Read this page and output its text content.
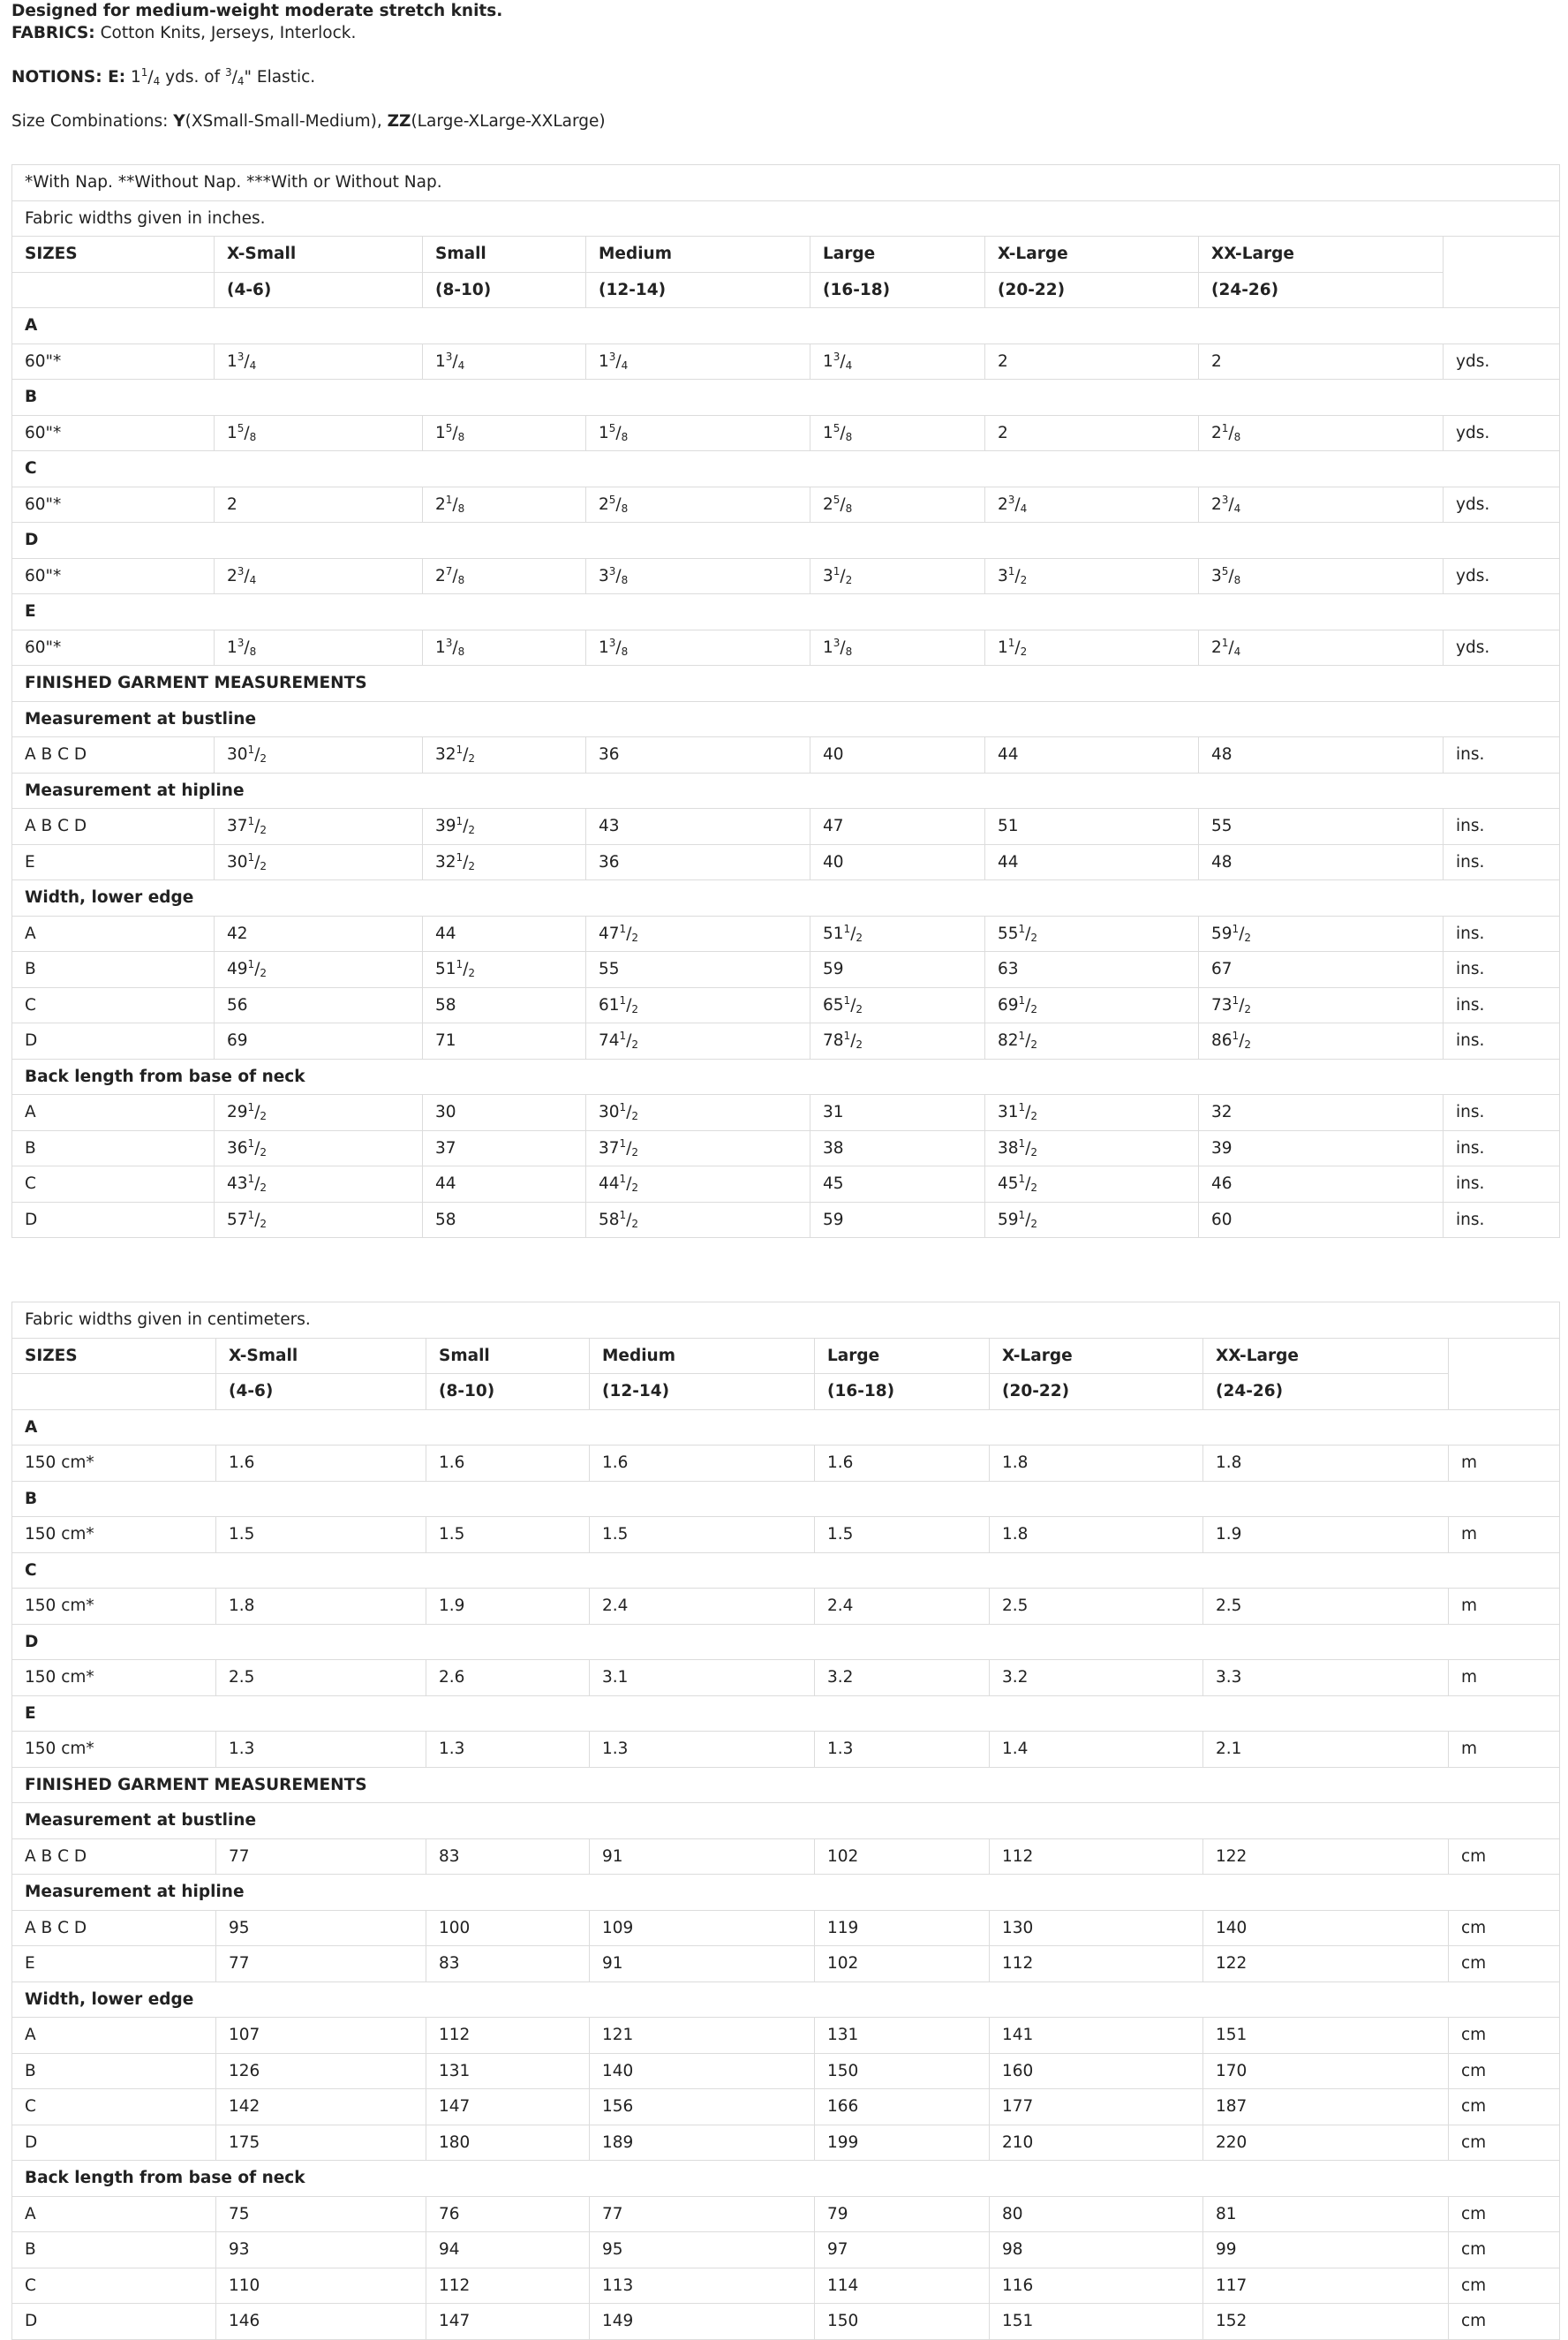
Designed for medium-weight moderate stretch knits.

FABRICS: Cotton Knits, Jerseys, Interlock.

NOTIONS: E: $1^1/_4$ yds. of $^3/_4$" Elastic.

Size Combinations: Y(XSmall-Small-Medium), ZZ(Large-XLarge-XXLarge)

*With Nap. **Without Nap. ***With or Without Nap.							
Fabric widths given in inches.							
SIZES	X-Small	Small	Medium	Large	X-Large	XX-Large	
	(4-6)	(8-10)	(12-14)	(16-18)	(20-22)	(24-26)	
A							
60"*	$1^3/_4$	$1^3/_4$	$1^3/_4$	$1^3/_4$	2	2	yds.
B							
60"*	$1^5/_8$	$1^5/_8$	$1^5/_8$	$1^5/_8$	2	$2^1/_8$	yds.
C							
60"*	2	$2^1/_8$	$2^5/_8$	$2^5/_8$	$2^3/_4$	$2^3/_4$	yds.
D							
60"*	$2^3/_4$	$2^7/_8$	$3^3/_8$	$3^1/_2$	$3^1/_2$	$3^5/_8$	yds.
E							
60"*	$1^3/_8$	$1^3/_8$	$1^3/_8$	$1^3/_8$	$1^1/_2$	$2^1/_4$	yds.
FINISHED GARMENT MEASUREMENTS							
Measurement at bustline							
A B C D	$30^1/_2$	$32^1/_2$	36	40	44	48	ins.
Measurement at hipline							
A B C D	$37^1/_2$	$39^1/_2$	43	47	51	55	ins.
E	$30^1/_2$	$32^1/_2$	36	40	44	48	ins.
Width, lower edge							
A	42	44	$47^1/_2$	$51^1/_2$	$55^1/_2$	$59^1/_2$	ins.
B	$49^1/_2$	$51^1/_2$	55	59	63	67	ins.
C	56	58	$61^1/_2$	$65^1/_2$	$69^1/_2$	$73^1/_2$	ins.
D	69	71	$74^1/_2$	$78^1/_2$	$82^1/_2$	$86^1/_2$	ins.
Back length from base of neck							
A	$29^1/_2$	30	$30^1/_2$	31	$31^1/_2$	32	ins.
B	$36^1/_2$	37	$37^1/_2$	38	$38^1/_2$	39	ins.
C	$43^1/_2$	44	$44^1/_2$	45	$45^1/_2$	46	ins.
D	$57^1/_2$	58	$58^1/_2$	59	$59^1/_2$	60	ins.
Fabric widths given in centimeters.							
SIZES	X-Small	Small	Medium	Large	X-Large	XX-Large	
	(4-6)	(8-10)	(12-14)	(16-18)	(20-22)	(24-26)	
A							
150 cm*	1.6	1.6	1.6	1.6	1.8	1.8	m
B							
150 cm*	1.5	1.5	1.5	1.5	1.8	1.9	m
C							
150 cm*	1.8	1.9	2.4	2.4	2.5	2.5	m
D							
150 cm*	2.5	2.6	3.1	3.2	3.2	3.3	m
E							
150 cm*	1.3	1.3	1.3	1.3	1.4	2.1	m
FINISHED GARMENT MEASUREMENTS							
Measurement at bustline							
A B C D	77	83	91	102	112	122	cm
Measurement at hipline							
A B C D	95	100	109	119	130	140	cm
E	77	83	91	102	112	122	cm
Width, lower edge							
A	107	112	121	131	141	151	cm
B	126	131	140	150	160	170	cm
C	142	147	156	166	177	187	cm
D	175	180	189	199	210	220	cm
Back length from base of neck							
A	75	76	77	79	80	81	cm
B	93	94	95	97	98	99	cm
C	110	112	113	114	116	117	cm
D	146	147	149	150	151	152	cm
